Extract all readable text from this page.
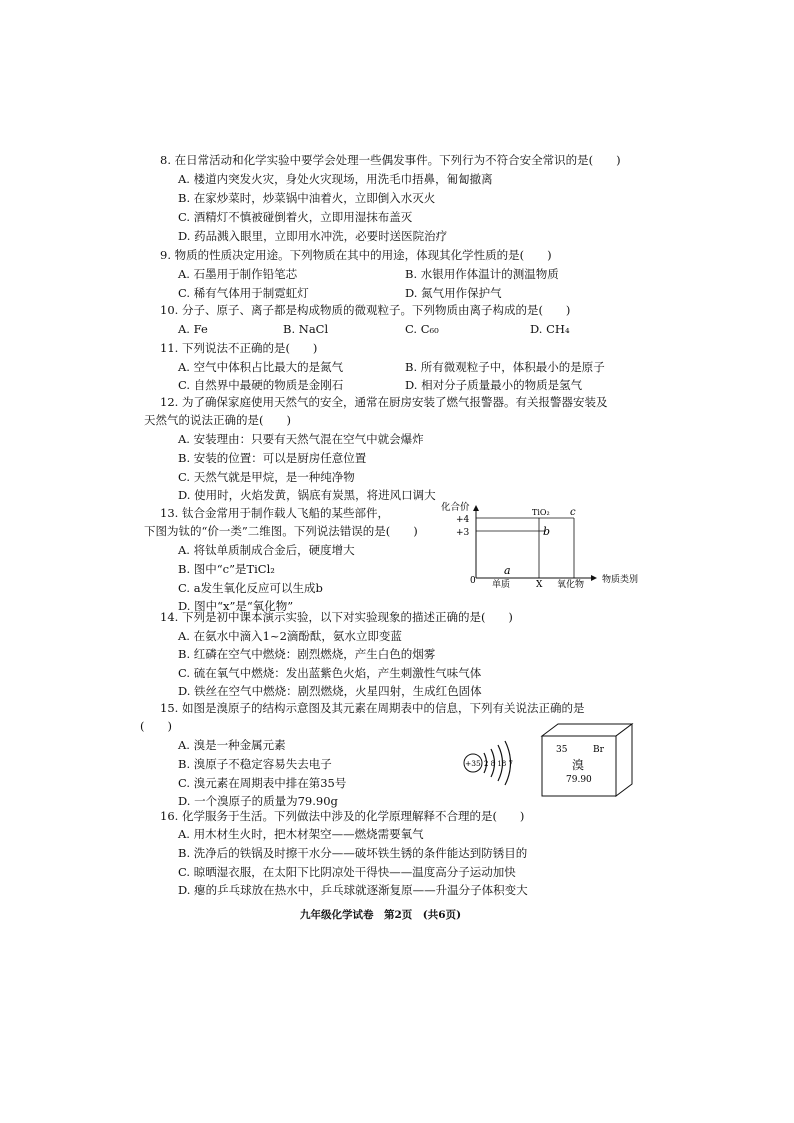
8. 在日常活动和化学实验中要学会处理一些偶发事件。下列行为不符合安全常识的是(　　)
A. 楼道内突发火灾，身处火灾现场，用洗毛巾捂鼻，匍匐撤离
B. 在家炒菜时，炒菜锅中油着火，立即倒入水灭火
C. 酒精灯不慎被碰倒着火，立即用湿抹布盖灭
D. 药品溅入眼里，立即用水冲洗，必要时送医院治疗
9. 物质的性质决定用途。下列物质在其中的用途，体现其化学性质的是(　　)
A. 石墨用于制作铅笔芯	B. 水银用作体温计的测温物质
C. 稀有气体用于制霓虹灯	D. 氮气用作保护气
10. 分子、原子、离子都是构成物质的微观粒子。下列物质由离子构成的是(　　)
A. Fe	B. NaCl	C. C₆₀	D. CH₄
11. 下列说法不正确的是(　　)
A. 空气中体积占比最大的是氮气	B. 所有微观粒子中，体积最小的是原子
C. 自然界中最硬的物质是金刚石	D. 相对分子质量最小的物质是氢气
12. 为了确保家庭使用天然气的安全，通常在厨房安装了燃气报警器。有关报警器安装及
天然气的说法正确的是(　　)
A. 安装理由：只要有天然气混在空气中就会爆炸
B. 安装的位置：可以是厨房任意位置
C. 天然气就是甲烷，是一种纯净物
D. 使用时，火焰发黄，锅底有炭黑，将进风口调大
13. 钛合金常用于制作载人飞船的某些部件，
下图为钛的“价一类”二维图。下列说法错误的是(　　)
A. 将钛单质制成合金后，硬度增大
B. 图中“c”是TiCl₂
C. a发生氧化反应可以生成b
D. 图中“x”是“氧化物”
化合价
+4
+3
0 单质	X 氧化物 物质类别
TiO₂ c
b
a
14. 下列是初中课本演示实验，以下对实验现象的描述正确的是(　　)
A. 在氨水中滴入1~2滴酚酞，氨水立即变蓝
B. 红磷在空气中燃烧：剧烈燃烧，产生白色的烟雾
C. 硫在氧气中燃烧：发出蓝紫色火焰，产生刺激性气味气体
D. 铁丝在空气中燃烧：剧烈燃烧，火星四射，生成红色固体
15. 如图是溴原子的结构示意图及其元素在周期表中的信息，下列有关说法正确的是
(　　)
A. 溴是一种金属元素
B. 溴原子不稳定容易失去电子
C. 溴元素在周期表中排在第35号
D. 一个溴原子的质量为79.90g
+35 2 8 18 7
35	Br
溴
79.90
16. 化学服务于生活。下列做法中涉及的化学原理解释不合理的是(　　)
A. 用木材生火时，把木材架空——燃烧需要氧气
B. 洗净后的铁锅及时擦干水分——破坏铁生锈的条件能达到防锈目的
C. 晾晒湿衣服，在太阳下比阴凉处干得快——温度高分子运动加快
D. 瘪的乒乓球放在热水中，乒乓球就逐渐复原——升温分子体积变大
九年级化学试卷　第2页　(共6页)
